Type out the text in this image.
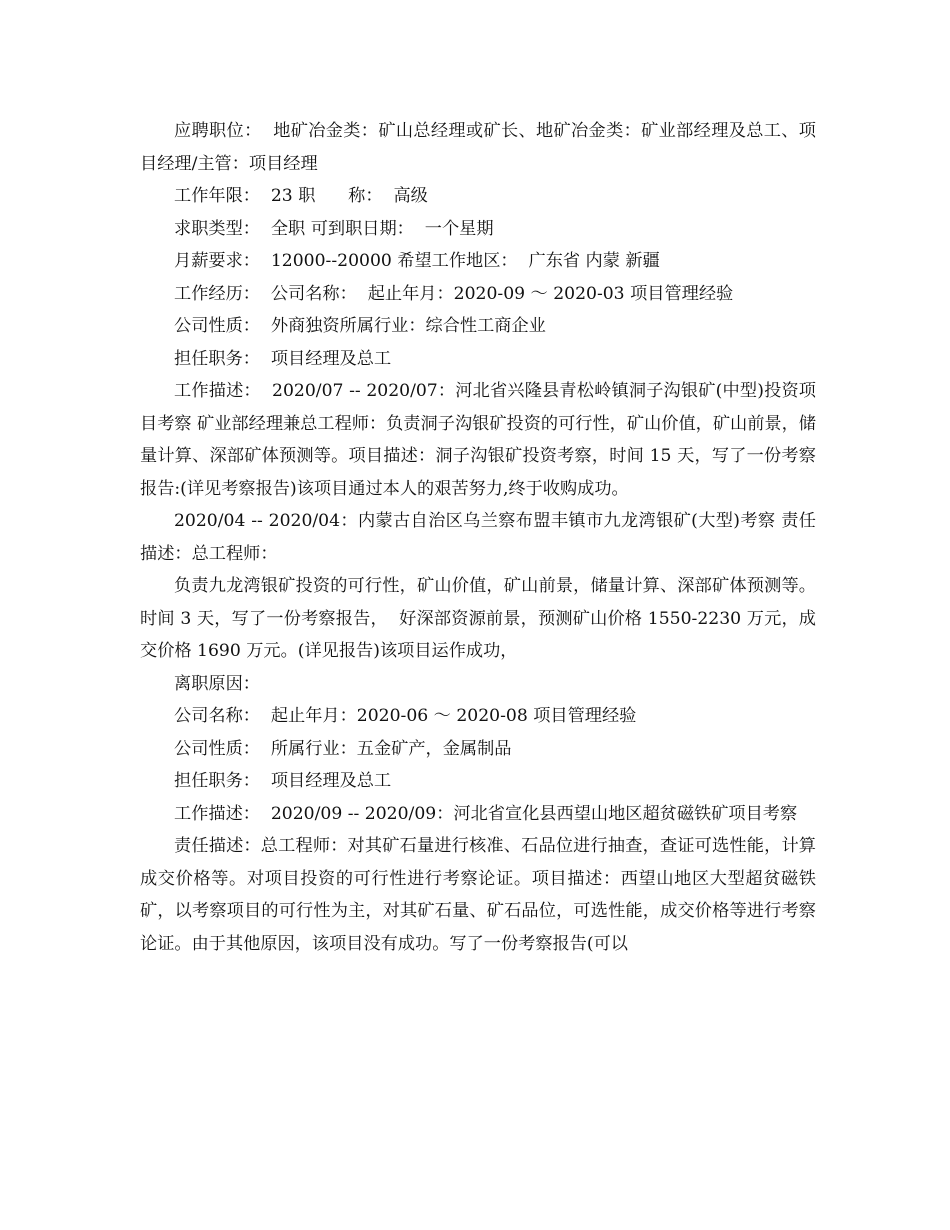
应聘职位：  地矿冶金类：矿山总经理或矿长、地矿冶金类：矿业部经理及总工、项目经理/主管：项目经理

工作年限：  23 职      称：  高级

求职类型：  全职 可到职日期：  一个星期

月薪要求：  12000--20000 希望工作地区：  广东省 内蒙 新疆

工作经历：  公司名称：  起止年月：2020-09 ～ 2020-03 项目管理经验

公司性质：  外商独资所属行业：综合性工商企业

担任职务：  项目经理及总工

工作描述：  2020/07 -- 2020/07：河北省兴隆县青松岭镇洞子沟银矿(中型)投资项目考察 矿业部经理兼总工程师：负责洞子沟银矿投资的可行性，矿山价值，矿山前景，储量计算、深部矿体预测等。项目描述：洞子沟银矿投资考察，时间 15 天，写了一份考察报告:(详见考察报告)该项目通过本人的艰苦努力,终于收购成功。

2020/04 -- 2020/04：内蒙古自治区乌兰察布盟丰镇市九龙湾银矿(大型)考察 责任描述：总工程师：

负责九龙湾银矿投资的可行性，矿山价值，矿山前景，储量计算、深部矿体预测等。时间 3 天，写了一份考察报告，  好深部资源前景，预测矿山价格 1550-2230 万元，成交价格 1690 万元。(详见报告)该项目运作成功，

离职原因：

公司名称：  起止年月：2020-06 ～ 2020-08 项目管理经验

公司性质：  所属行业：五金矿产，金属制品

担任职务：  项目经理及总工

工作描述：  2020/09 -- 2020/09：河北省宣化县西望山地区超贫磁铁矿项目考察

责任描述：总工程师：对其矿石量进行核准、石品位进行抽查，查证可选性能，计算成交价格等。对项目投资的可行性进行考察论证。项目描述：西望山地区大型超贫磁铁矿，以考察项目的可行性为主，对其矿石量、矿石品位，可选性能，成交价格等进行考察论证。由于其他原因，该项目没有成功。写了一份考察报告(可以
